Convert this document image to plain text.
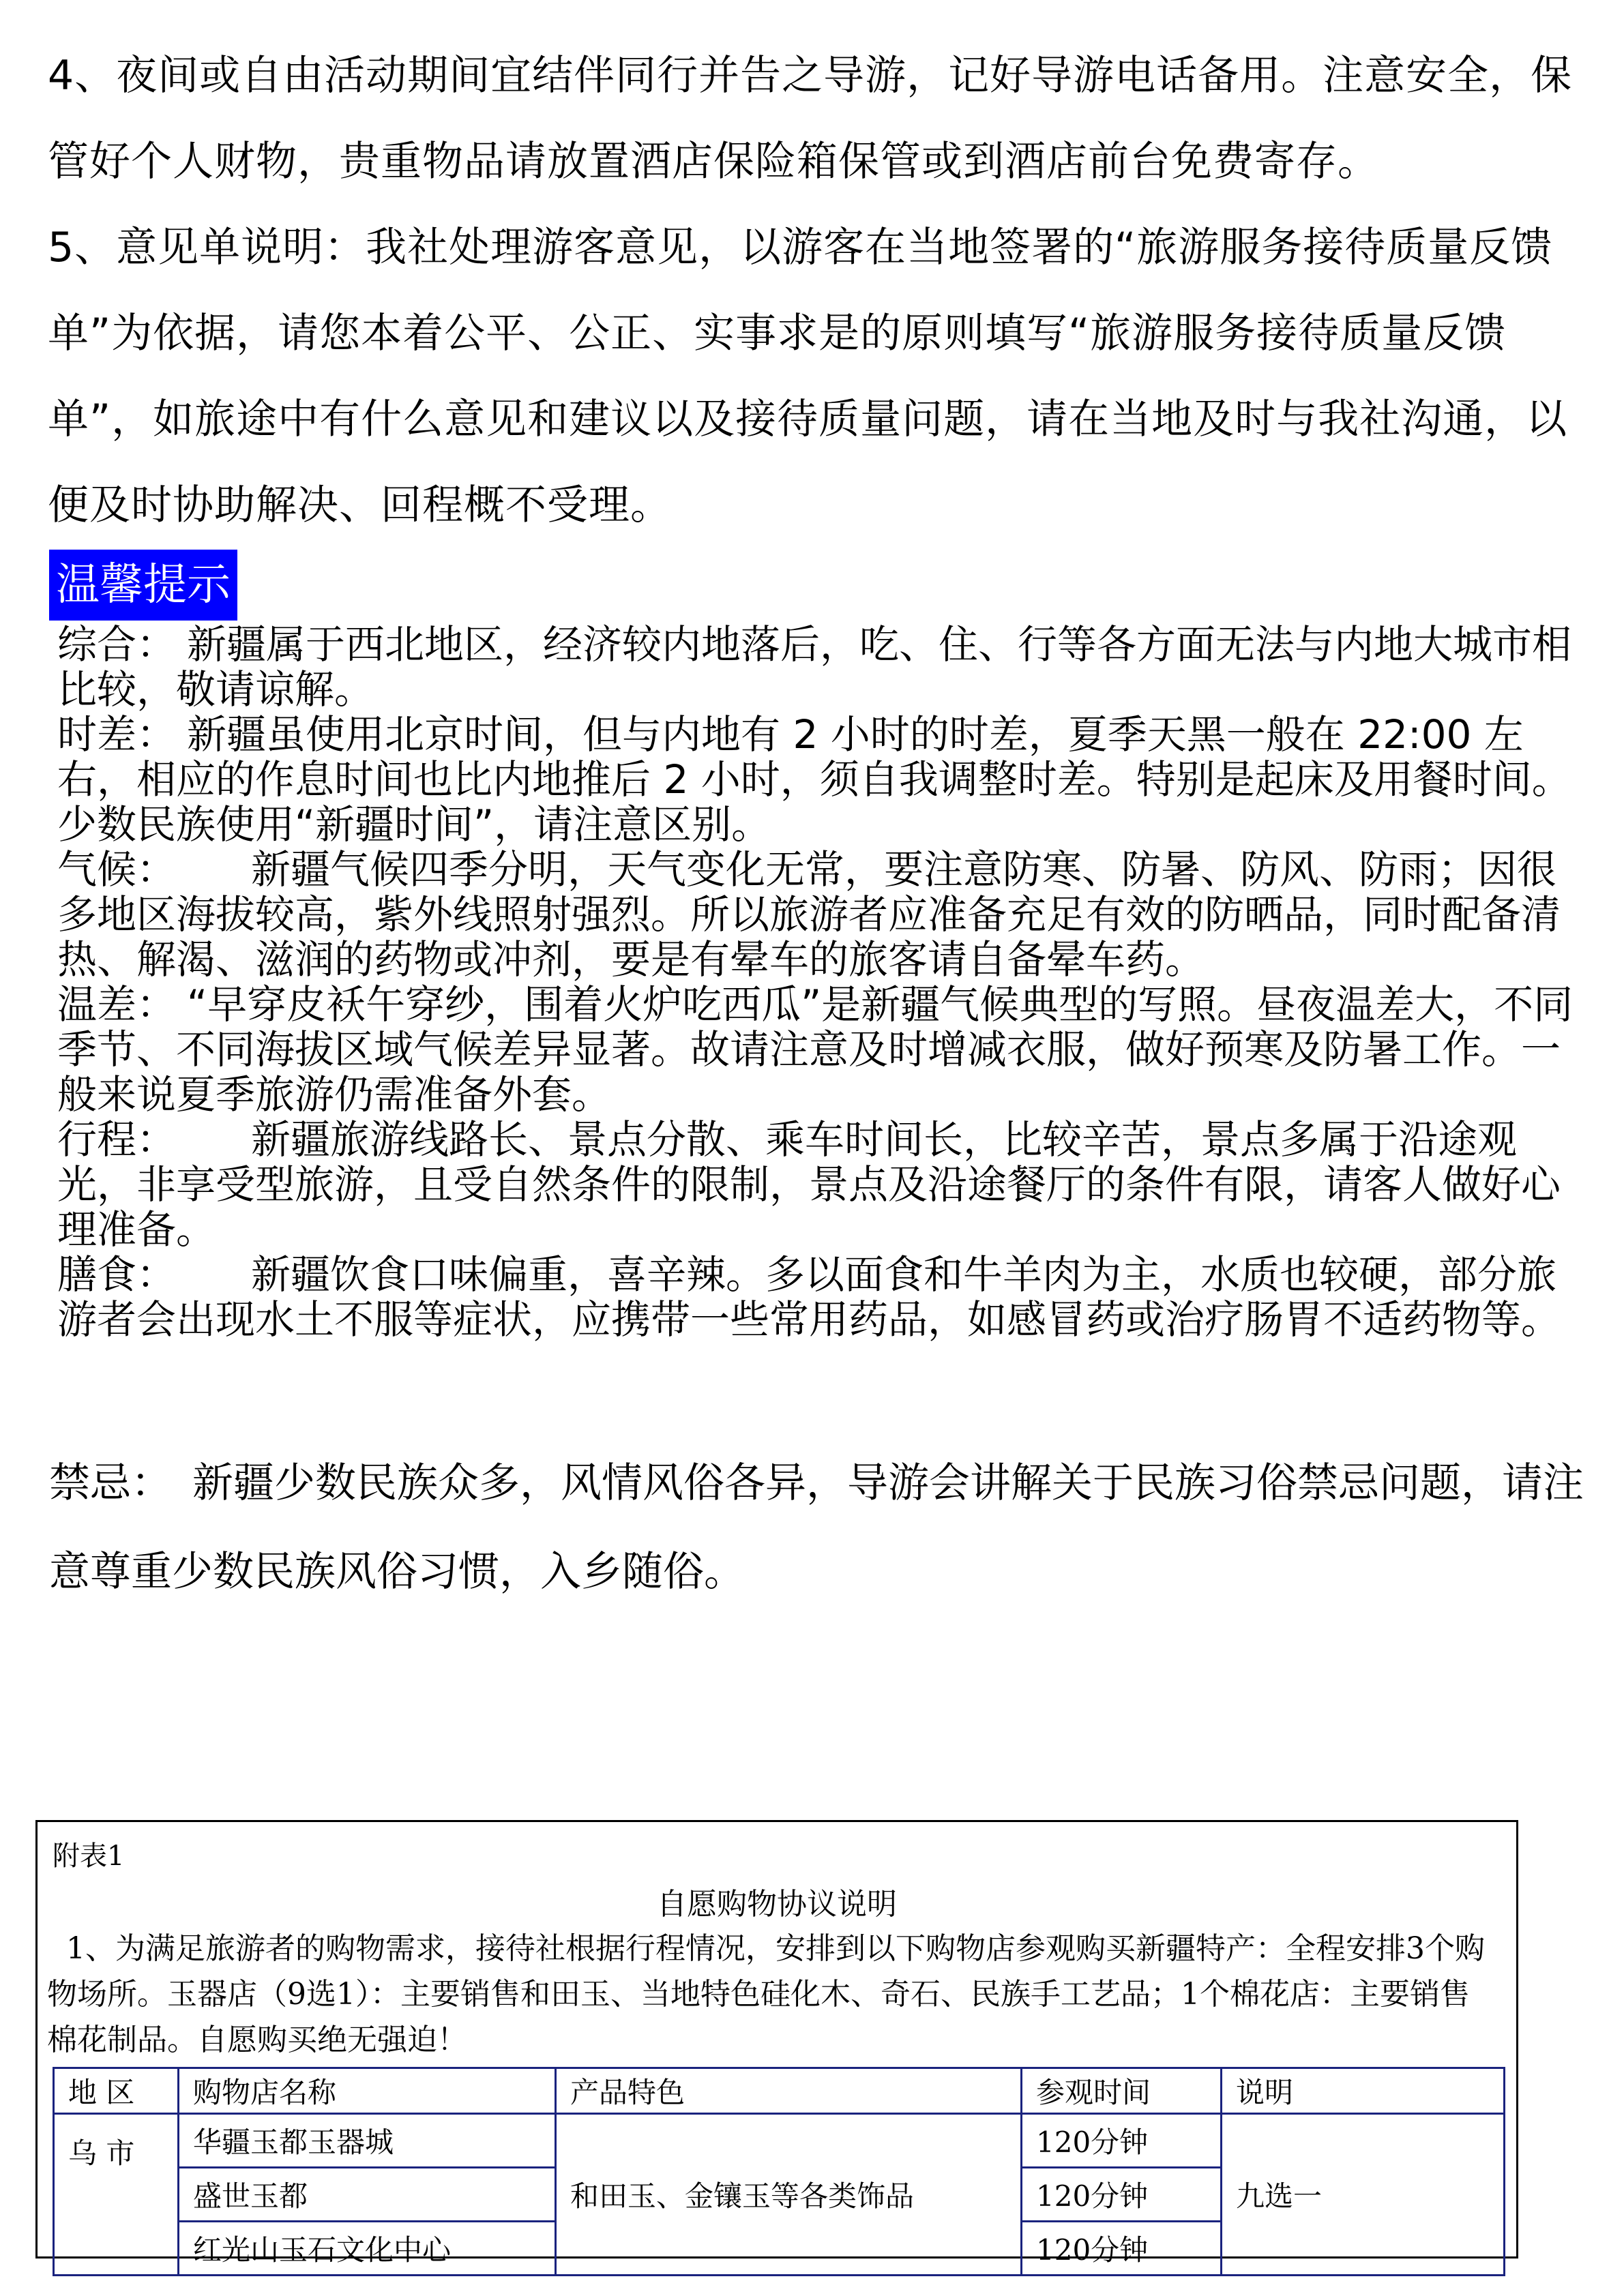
4、夜间或自由活动期间宜结伴同行并告之导游，记好导游电话备用。注意安全，保管好个人财物，贵重物品请放置酒店保险箱保管或到酒店前台免费寄存。

5、意见单说明：我社处理游客意见，以游客在当地签署的“旅游服务接待质量反馈单”为依据，请您本着公平、公正、实事求是的原则填写“旅游服务接待质量反馈单”，如旅途中有什么意见和建议以及接待质量问题，请在当地及时与我社沟通，以便及时协助解决、回程概不受理。

温馨提示

综合： 新疆属于西北地区，经济较内地落后，吃、住、行等各方面无法与内地大城市相比较，敬请谅解。

时差： 新疆虽使用北京时间，但与内地有 2 小时的时差，夏季天黑一般在 22:00 左右，相应的作息时间也比内地推后 2 小时，须自我调整时差。特别是起床及用餐时间。少数民族使用“新疆时间”，请注意区别。

气候： 新疆气候四季分明，天气变化无常，要注意防寒、防暑、防风、防雨；因很多地区海拔较高，紫外线照射强烈。所以旅游者应准备充足有效的防晒品，同时配备清热、解渴、滋润的药物或冲剂，要是有晕车的旅客请自备晕车药。

温差： “早穿皮袄午穿纱，围着火炉吃西瓜”是新疆气候典型的写照。昼夜温差大，不同季节、不同海拔区域气候差异显著。故请注意及时增减衣服，做好预寒及防暑工作。一般来说夏季旅游仍需准备外套。

行程： 新疆旅游线路长、景点分散、乘车时间长，比较辛苦，景点多属于沿途观光，非享受型旅游，且受自然条件的限制，景点及沿途餐厅的条件有限，请客人做好心理准备。

膳食： 新疆饮食口味偏重，喜辛辣。多以面食和牛羊肉为主，水质也较硬，部分旅游者会出现水土不服等症状，应携带一些常用药品，如感冒药或治疗肠胃不适药物等。

禁忌： 新疆少数民族众多，风情风俗各异，导游会讲解关于民族习俗禁忌问题，请注意尊重少数民族风俗习惯，入乡随俗。

附表1
自愿购物协议说明

1、为满足旅游者的购物需求，接待社根据行程情况，安排到以下购物店参观购买新疆特产：全程安排3个购物场所。玉器店（9选1）：主要销售和田玉、当地特色硅化木、奇石、民族手工艺品；1个棉花店：主要销售棉花制品。自愿购买绝无强迫！

地 区	购物店名称	产品特色	参观时间	说明
乌 市	华疆玉都玉器城	和田玉、金镶玉等各类饰品	120分钟	九选一
	盛世玉都		120分钟	
	红光山玉石文化中心		120分钟	
